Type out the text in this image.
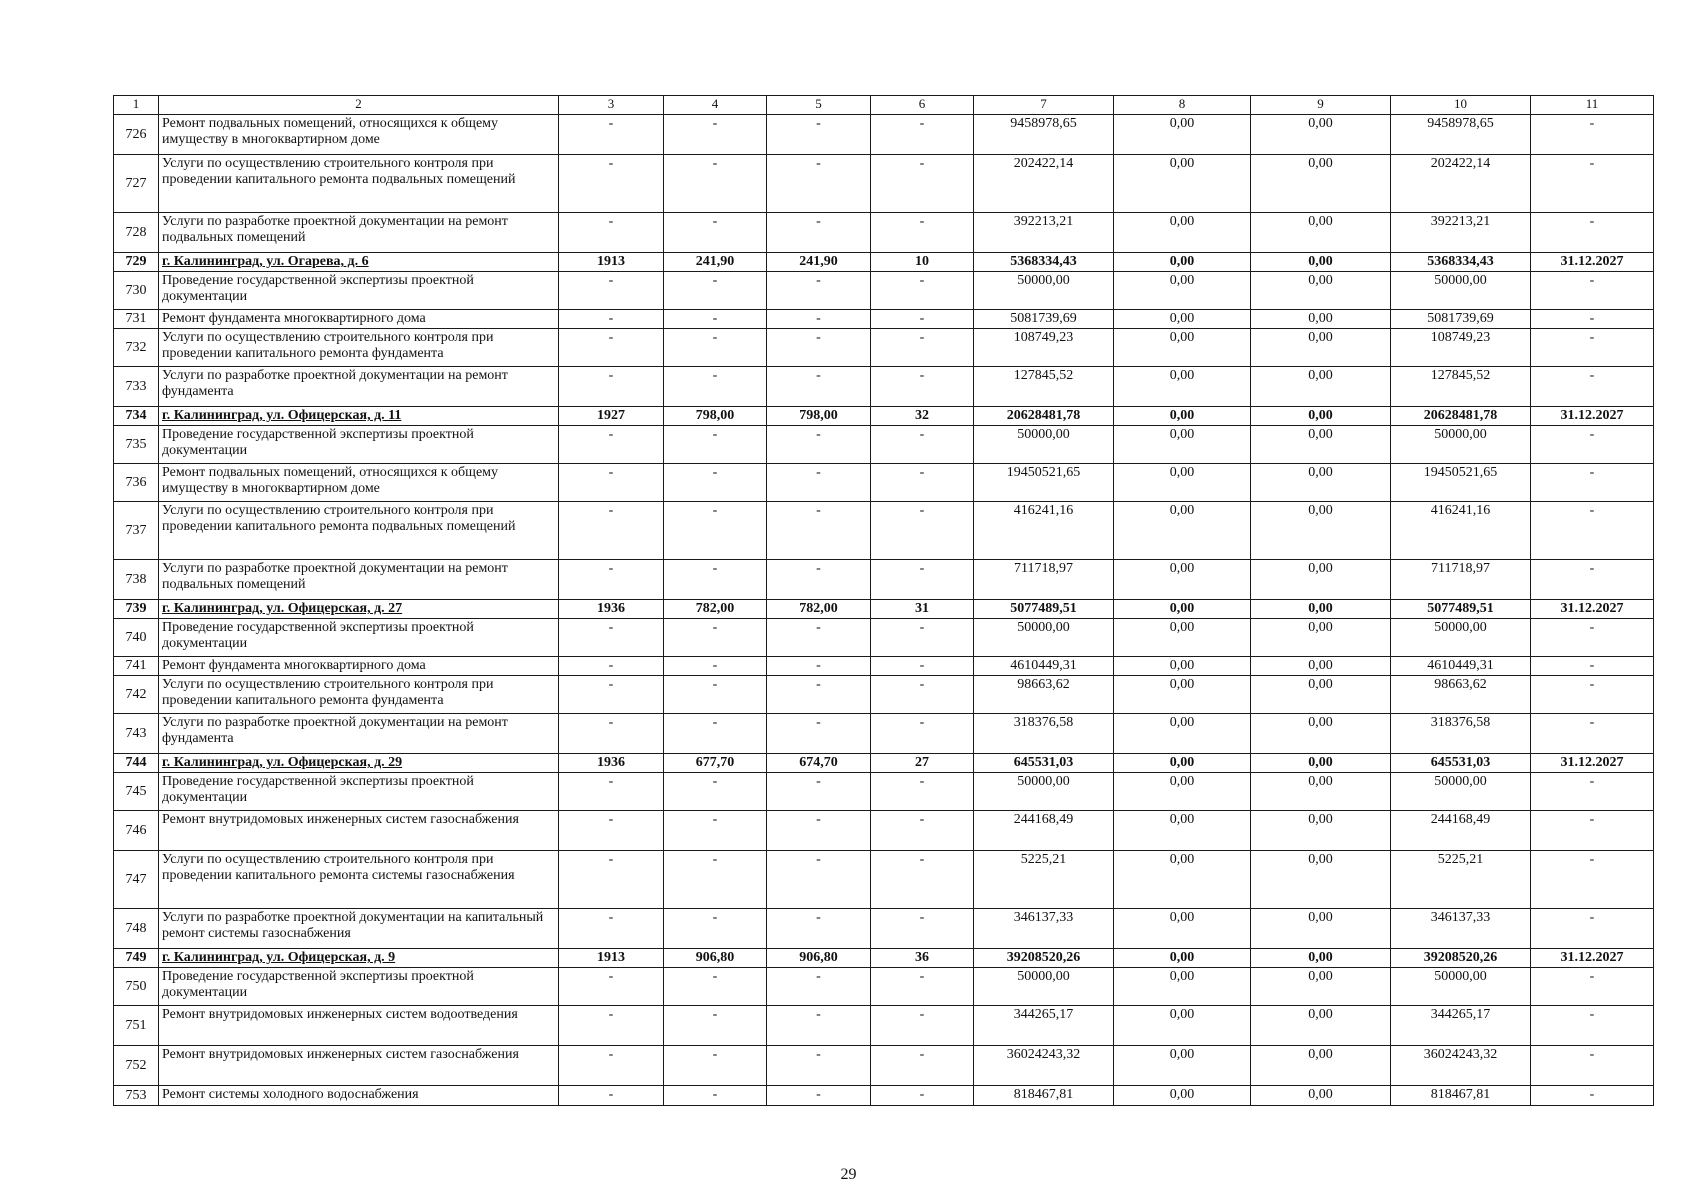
1	2	3	4	5	6	7	8	9	10	11
726	Ремонт подвальных помещений, относящихся к общему имуществу в многоквартирном доме	-	-	-	-	9458978,65	0,00	0,00	9458978,65	-
727	Услуги по осуществлению строительного контроля при проведении капитального ремонта подвальных помещений	-	-	-	-	202422,14	0,00	0,00	202422,14	-
728	Услуги по разработке проектной документации на ремонт подвальных помещений	-	-	-	-	392213,21	0,00	0,00	392213,21	-
729	г. Калининград, ул. Огарева, д. 6	1913	241,90	241,90	10	5368334,43	0,00	0,00	5368334,43	31.12.2027
730	Проведение государственной экспертизы проектной документации	-	-	-	-	50000,00	0,00	0,00	50000,00	-
731	Ремонт фундамента многоквартирного дома	-	-	-	-	5081739,69	0,00	0,00	5081739,69	-
732	Услуги по осуществлению строительного контроля при проведении капитального ремонта фундамента	-	-	-	-	108749,23	0,00	0,00	108749,23	-
733	Услуги по разработке проектной документации на ремонт фундамента	-	-	-	-	127845,52	0,00	0,00	127845,52	-
734	г. Калининград, ул. Офицерская, д. 11	1927	798,00	798,00	32	20628481,78	0,00	0,00	20628481,78	31.12.2027
735	Проведение государственной экспертизы проектной документации	-	-	-	-	50000,00	0,00	0,00	50000,00	-
736	Ремонт подвальных помещений, относящихся к общему имуществу в многоквартирном доме	-	-	-	-	19450521,65	0,00	0,00	19450521,65	-
737	Услуги по осуществлению строительного контроля при проведении капитального ремонта подвальных помещений	-	-	-	-	416241,16	0,00	0,00	416241,16	-
738	Услуги по разработке проектной документации на ремонт подвальных помещений	-	-	-	-	711718,97	0,00	0,00	711718,97	-
739	г. Калининград, ул. Офицерская, д. 27	1936	782,00	782,00	31	5077489,51	0,00	0,00	5077489,51	31.12.2027
740	Проведение государственной экспертизы проектной документации	-	-	-	-	50000,00	0,00	0,00	50000,00	-
741	Ремонт фундамента многоквартирного дома	-	-	-	-	4610449,31	0,00	0,00	4610449,31	-
742	Услуги по осуществлению строительного контроля при проведении капитального ремонта фундамента	-	-	-	-	98663,62	0,00	0,00	98663,62	-
743	Услуги по разработке проектной документации на ремонт фундамента	-	-	-	-	318376,58	0,00	0,00	318376,58	-
744	г. Калининград, ул. Офицерская, д. 29	1936	677,70	674,70	27	645531,03	0,00	0,00	645531,03	31.12.2027
745	Проведение государственной экспертизы проектной документации	-	-	-	-	50000,00	0,00	0,00	50000,00	-
746	Ремонт внутридомовых инженерных систем газоснабжения	-	-	-	-	244168,49	0,00	0,00	244168,49	-
747	Услуги по осуществлению строительного контроля при проведении капитального ремонта системы газоснабжения	-	-	-	-	5225,21	0,00	0,00	5225,21	-
748	Услуги по разработке проектной документации на капитальный ремонт системы газоснабжения	-	-	-	-	346137,33	0,00	0,00	346137,33	-
749	г. Калининград, ул. Офицерская, д. 9	1913	906,80	906,80	36	39208520,26	0,00	0,00	39208520,26	31.12.2027
750	Проведение государственной экспертизы проектной документации	-	-	-	-	50000,00	0,00	0,00	50000,00	-
751	Ремонт внутридомовых инженерных систем водоотведения	-	-	-	-	344265,17	0,00	0,00	344265,17	-
752	Ремонт внутридомовых инженерных систем газоснабжения	-	-	-	-	36024243,32	0,00	0,00	36024243,32	-
753	Ремонт системы холодного водоснабжения	-	-	-	-	818467,81	0,00	0,00	818467,81	-
29
